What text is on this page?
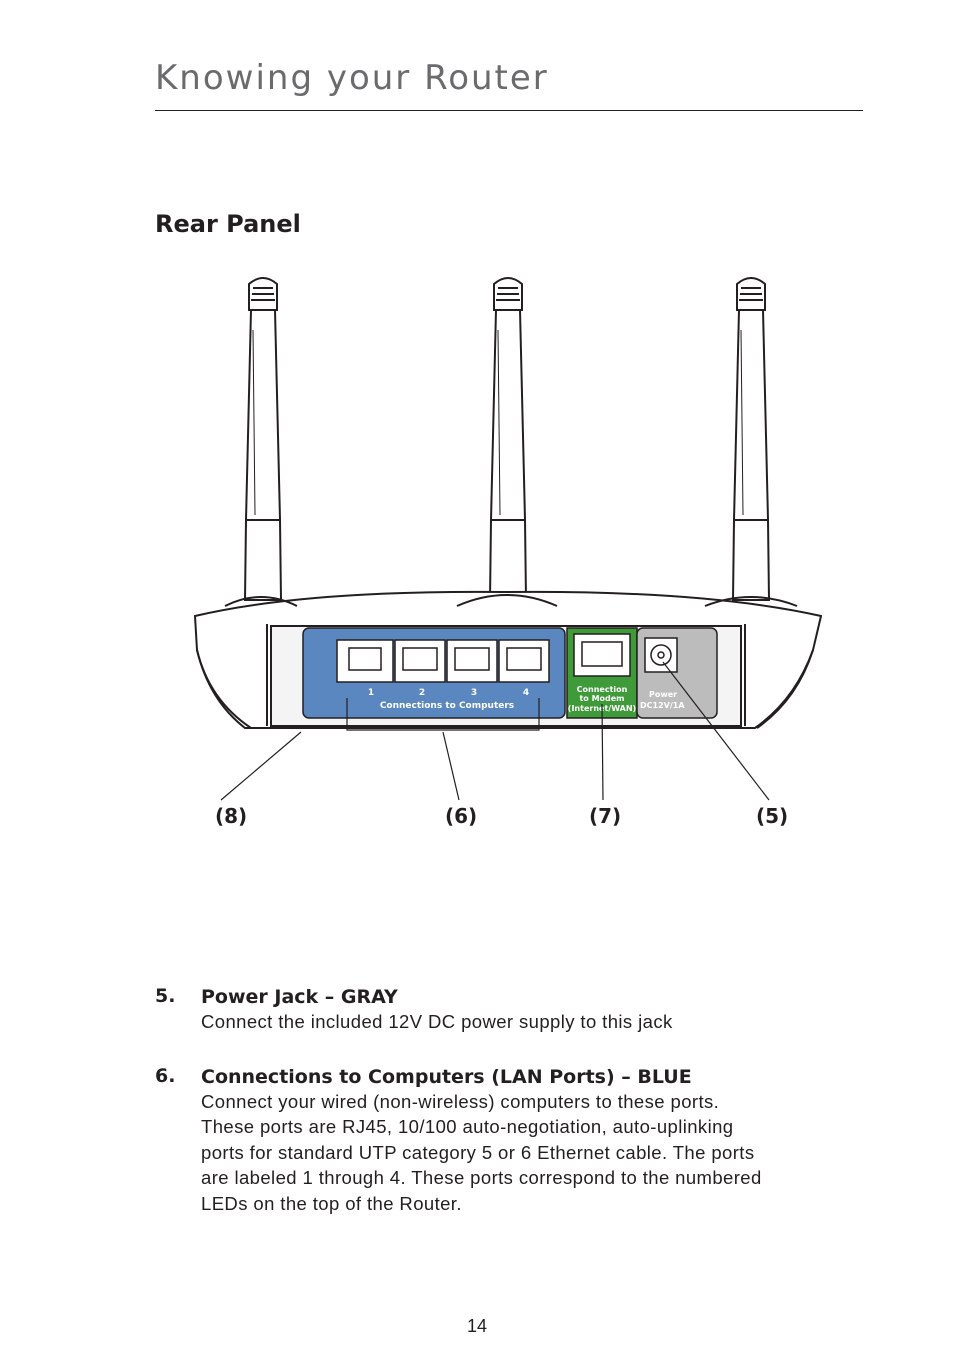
Knowing your Router
Rear Panel
1	2	3	4
Connections to Computers
Connection
to Modem
(Internet/WAN)
Power
DC12V/1A
(8)	(6)	(7)	(5)
5. Power Jack – GRAY
Connect the included 12V DC power supply to this jack
6. Connections to Computers (LAN Ports) – BLUE
Connect your wired (non-wireless) computers to these ports.
These ports are RJ45, 10/100 auto-negotiation, auto-uplinking
ports for standard UTP category 5 or 6 Ethernet cable. The ports
are labeled 1 through 4. These ports correspond to the numbered
LEDs on the top of the Router.
14
